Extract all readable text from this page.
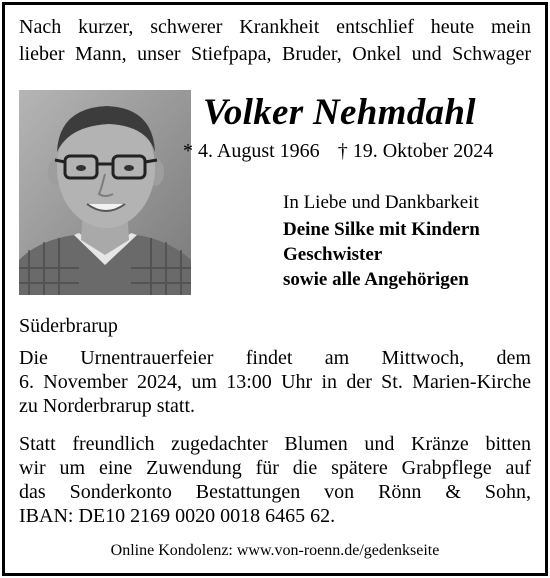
Nach kurzer, schwerer Krankheit entschlief heute mein
lieber Mann, unser Stiefpapa, Bruder, Onkel und Schwager
Volker Nehmdahl
* 4. August 1966 † 19. Oktober 2024
In Liebe und Dankbarkeit
Deine Silke mit Kindern
Geschwister
sowie alle Angehörigen
Süderbrarup
Die Urnentrauerfeier findet am Mittwoch, dem
6. November 2024, um 13:00 Uhr in der St. Marien-Kirche
zu Norderbrarup statt.
Statt freundlich zugedachter Blumen und Kränze bitten
wir um eine Zuwendung für die spätere Grabpflege auf
das Sonderkonto Bestattungen von Rönn & Sohn,
IBAN: DE10 2169 0020 0018 6465 62.
Online Kondolenz: www.von-roenn.de/gedenkseite
